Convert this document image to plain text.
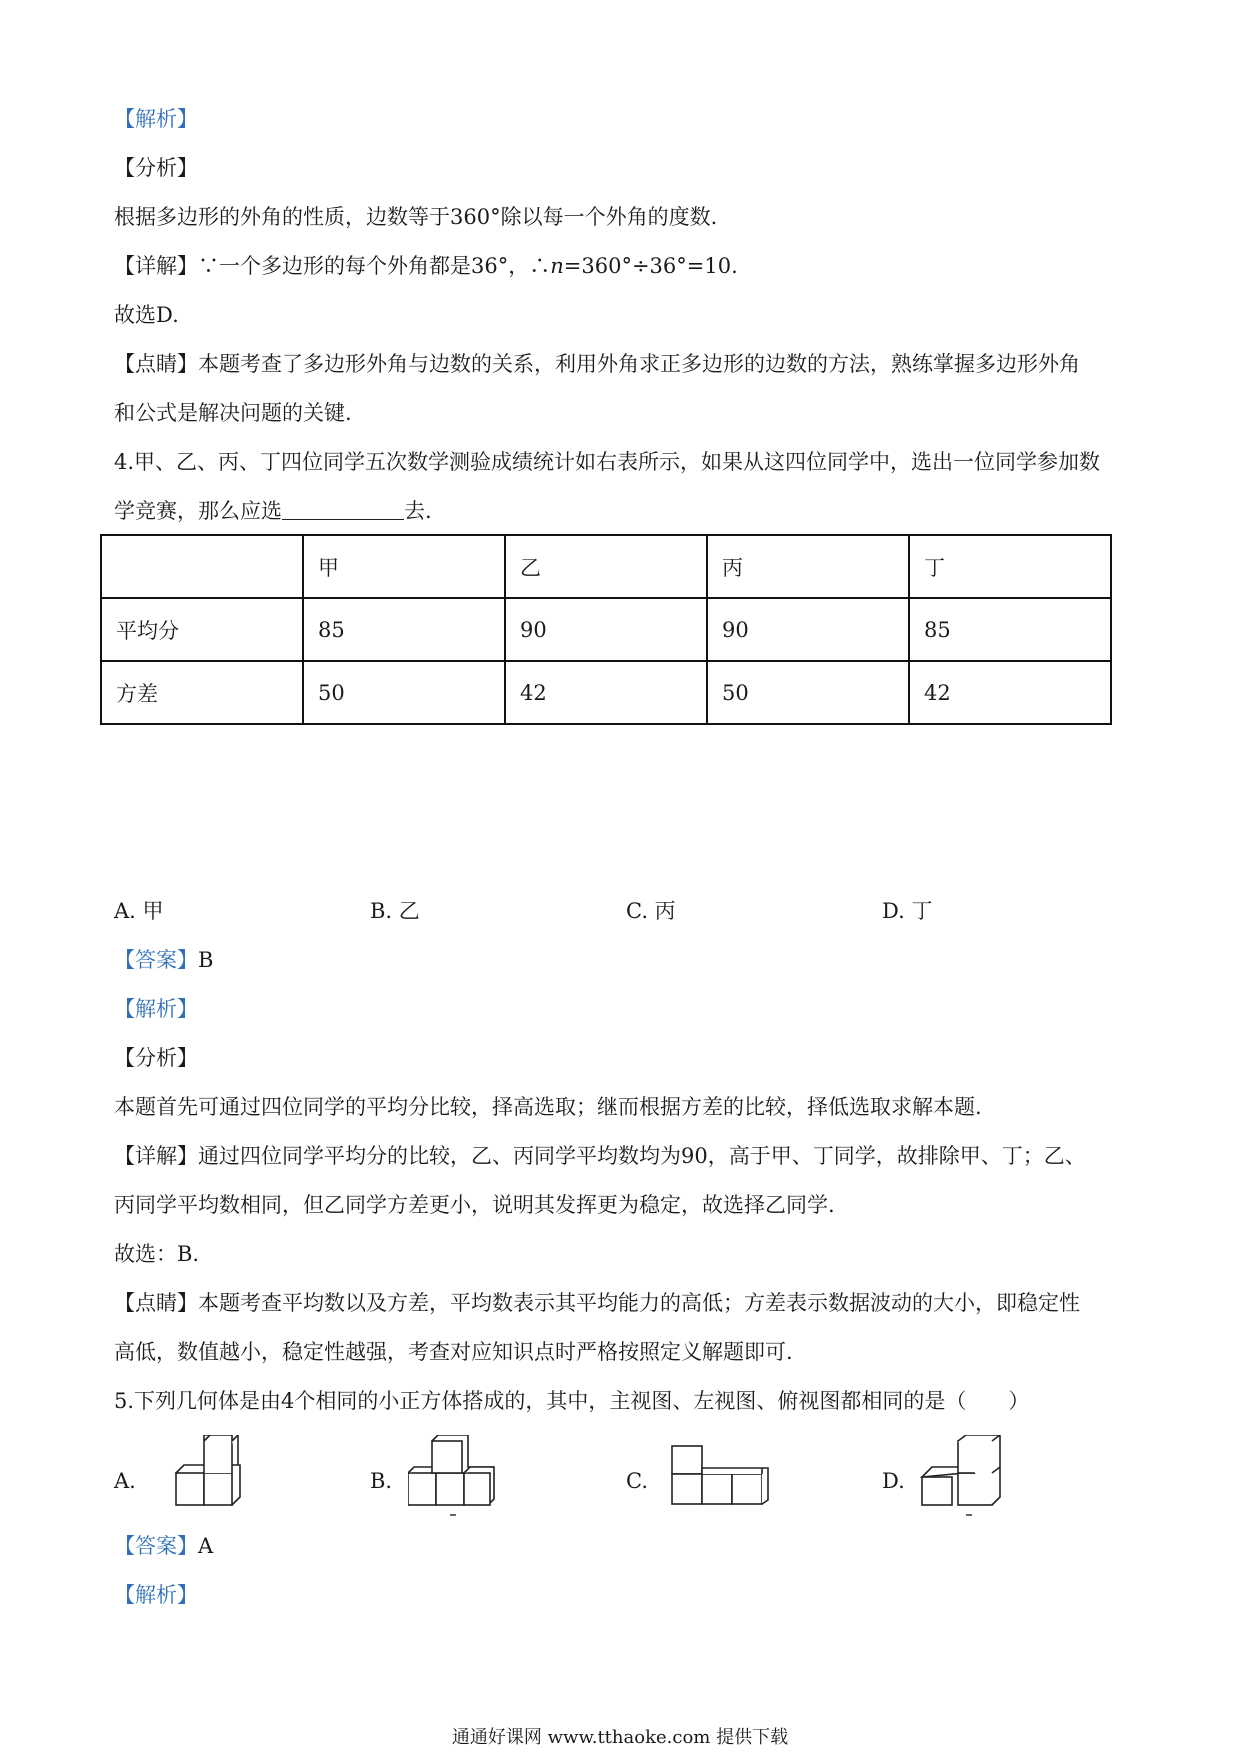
【解析】
【分析】
根据多边形的外角的性质，边数等于360°除以每一个外角的度数.
【详解】∵一个多边形的每个外角都是36°，∴n=360°÷36°=10.
故选D.
【点睛】本题考查了多边形外角与边数的关系，利用外角求正多边形的边数的方法，熟练掌握多边形外角
和公式是解决问题的关键.
4.甲、乙、丙、丁四位同学五次数学测验成绩统计如右表所示，如果从这四位同学中，选出一位同学参加数
学竞赛，那么应选	去.
	甲	乙	丙	丁
平均分	85	90	90	85
方差	50	42	50	42
A. 甲	B. 乙	C. 丙	D. 丁
【答案】B
【解析】
【分析】
本题首先可通过四位同学的平均分比较，择高选取；继而根据方差的比较，择低选取求解本题.
【详解】通过四位同学平均分的比较，乙、丙同学平均数均为90，高于甲、丁同学，故排除甲、丁；乙、
丙同学平均数相同，但乙同学方差更小，说明其发挥更为稳定，故选择乙同学.
故选：B.
【点睛】本题考查平均数以及方差，平均数表示其平均能力的高低；方差表示数据波动的大小，即稳定性
高低，数值越小，稳定性越强，考查对应知识点时严格按照定义解题即可.
5.下列几何体是由4个相同的小正方体搭成的，其中，主视图、左视图、俯视图都相同的是（　　）
A.	B.	C.	D.
【答案】A
【解析】
通通好课网 www.tthaoke.com 提供下载
